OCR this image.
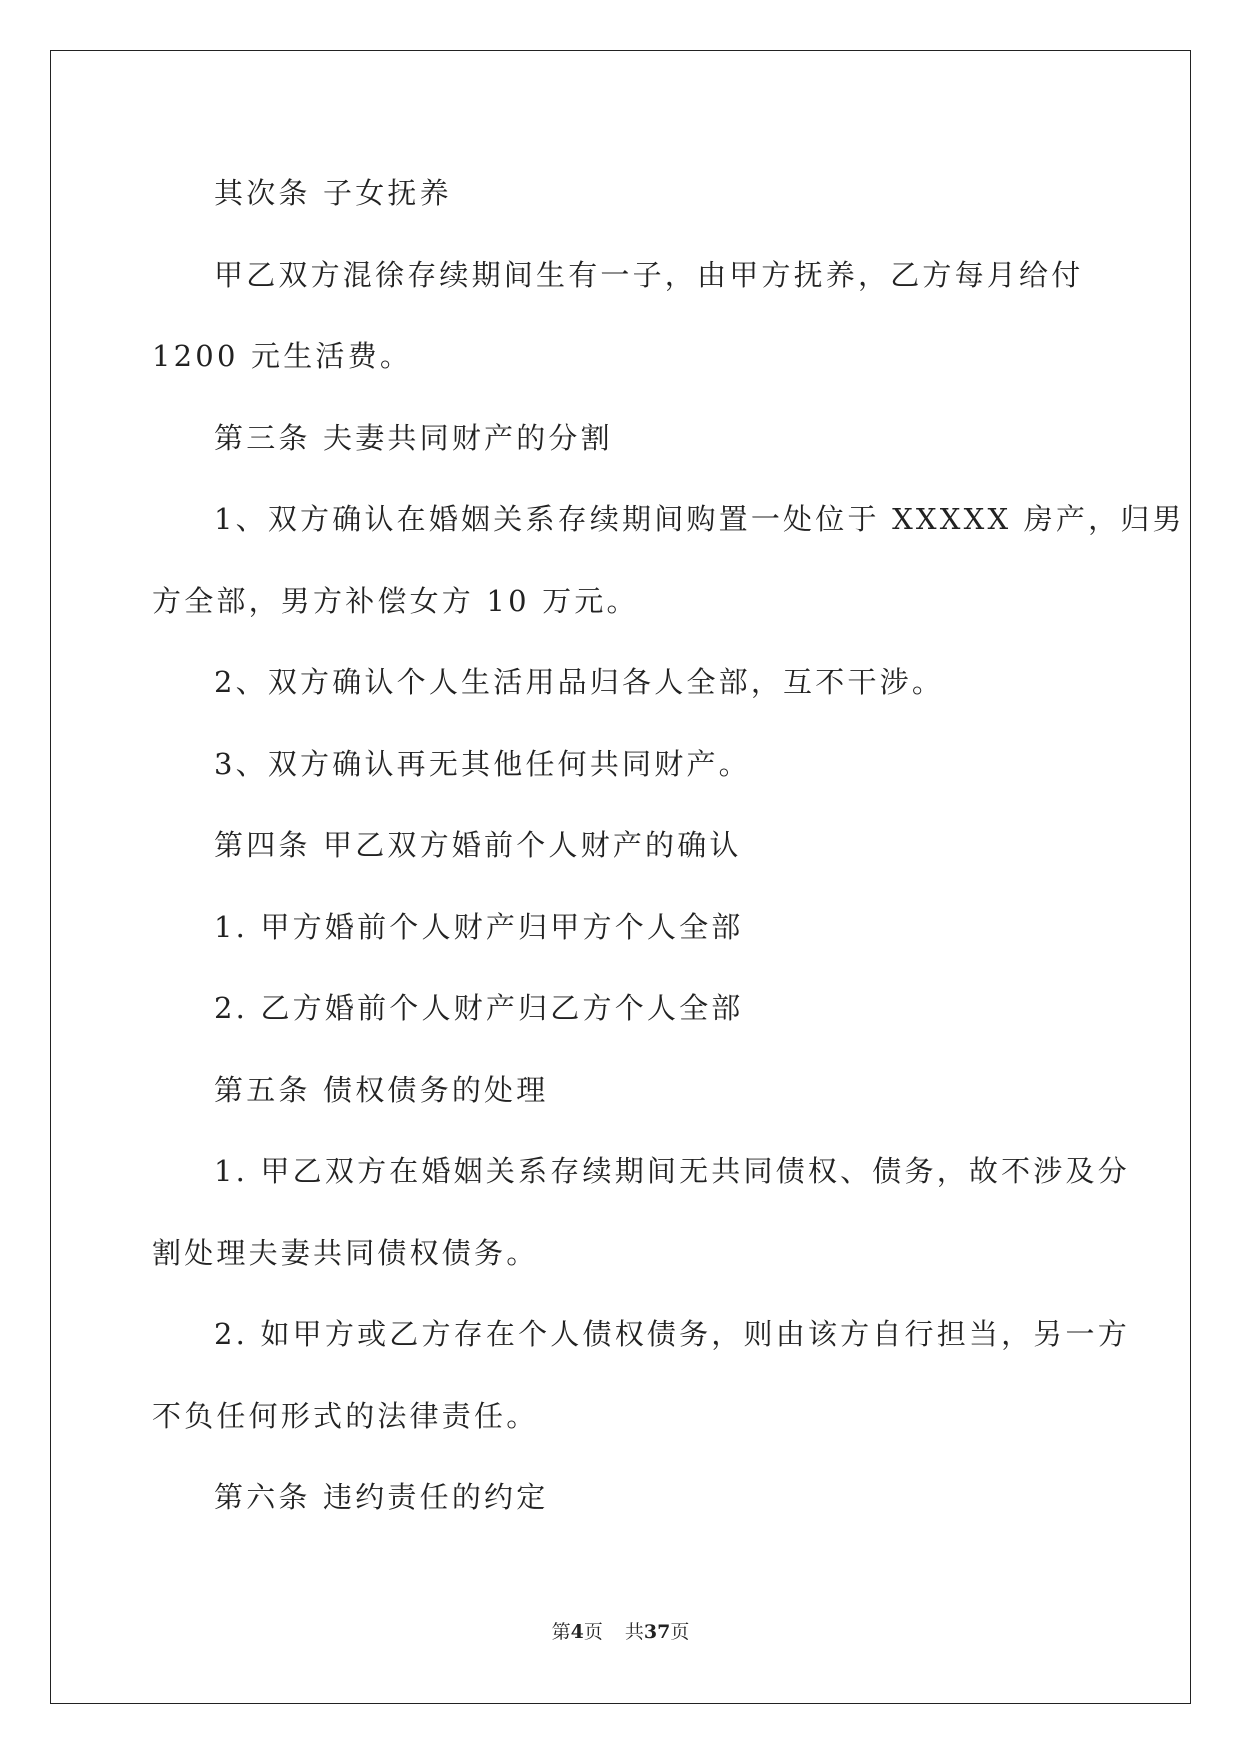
其次条 子女抚养
甲乙双方混徐存续期间生有一子，由甲方抚养，乙方每月给付
1200 元生活费。
第三条 夫妻共同财产的分割
1、双方确认在婚姻关系存续期间购置一处位于 XXXXX 房产，归男
方全部，男方补偿女方 10 万元。
2、双方确认个人生活用品归各人全部，互不干涉。
3、双方确认再无其他任何共同财产。
第四条 甲乙双方婚前个人财产的确认
1. 甲方婚前个人财产归甲方个人全部
2. 乙方婚前个人财产归乙方个人全部
第五条 债权债务的处理
1. 甲乙双方在婚姻关系存续期间无共同债权、债务，故不涉及分
割处理夫妻共同债权债务。
2. 如甲方或乙方存在个人债权债务，则由该方自行担当，另一方
不负任何形式的法律责任。
第六条 违约责任的约定
第4页 共37页
